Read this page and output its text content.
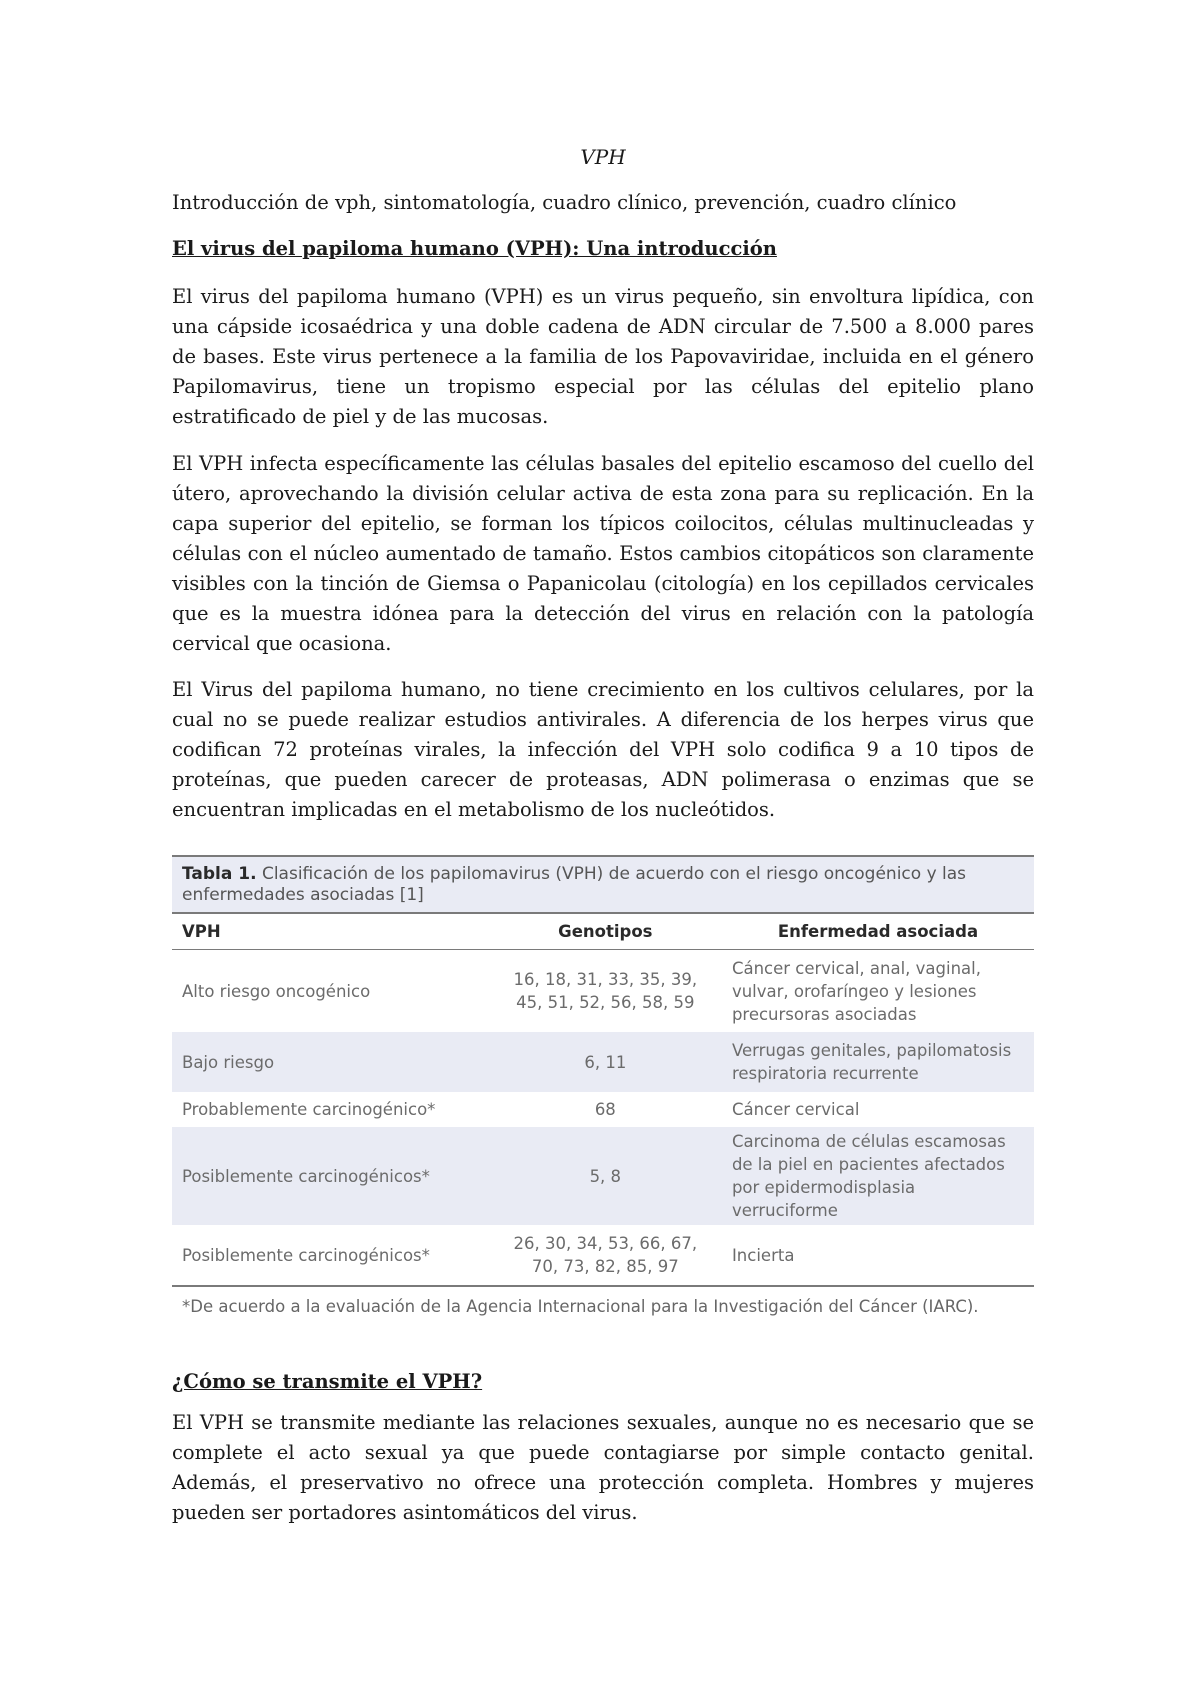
VPH
Introducción de vph, sintomatología, cuadro clínico, prevención, cuadro clínico
El virus del papiloma humano (VPH): Una introducción

El virus del papiloma humano (VPH) es un virus pequeño, sin envoltura lipídica, con una cápside icosaédrica y una doble cadena de ADN circular de 7.500 a 8.000 pares de bases. Este virus pertenece a la familia de los Papovaviridae, incluida en el género Papilomavirus, tiene un tropismo especial por las células del epitelio plano estratificado de piel y de las mucosas.

El VPH infecta específicamente las células basales del epitelio escamoso del cuello del útero, aprovechando la división celular activa de esta zona para su replicación. En la capa superior del epitelio, se forman los típicos coilocitos, células multinucleadas y células con el núcleo aumentado de tamaño. Estos cambios citopáticos son claramente visibles con la tinción de Giemsa o Papanicolau (citología) en los cepillados cervicales que es la muestra idónea para la detección del virus en relación con la patología cervical que ocasiona.

El Virus del papiloma humano, no tiene crecimiento en los cultivos celulares, por la cual no se puede realizar estudios antivirales. A diferencia de los herpes virus que codifican 72 proteínas virales, la infección del VPH solo codifica 9 a 10 tipos de proteínas, que pueden carecer de proteasas, ADN polimerasa o enzimas que se encuentran implicadas en el metabolismo de los nucleótidos.

Tabla 1. Clasificación de los papilomavirus (VPH) de acuerdo con el riesgo oncogénico y las enfermedades asociadas [1]
VPH	Genotipos	Enfermedad asociada
Alto riesgo oncogénico	16, 18, 31, 33, 35, 39, 45, 51, 52, 56, 58, 59	Cáncer cervical, anal, vaginal, vulvar, orofaríngeo y lesiones precursoras asociadas
Bajo riesgo	6, 11	Verrugas genitales, papilomatosis respiratoria recurrente
Probablemente carcinogénico*	68	Cáncer cervical
Posiblemente carcinogénicos*	5, 8	Carcinoma de células escamosas de la piel en pacientes afectados por epidermodisplasia verruciforme
Posiblemente carcinogénicos*	26, 30, 34, 53, 66, 67, 70, 73, 82, 85, 97	Incierta
*De acuerdo a la evaluación de la Agencia Internacional para la Investigación del Cáncer (IARC).
¿Cómo se transmite el VPH?

El VPH se transmite mediante las relaciones sexuales, aunque no es necesario que se complete el acto sexual ya que puede contagiarse por simple contacto genital. Además, el preservativo no ofrece una protección completa. Hombres y mujeres pueden ser portadores asintomáticos del virus.
